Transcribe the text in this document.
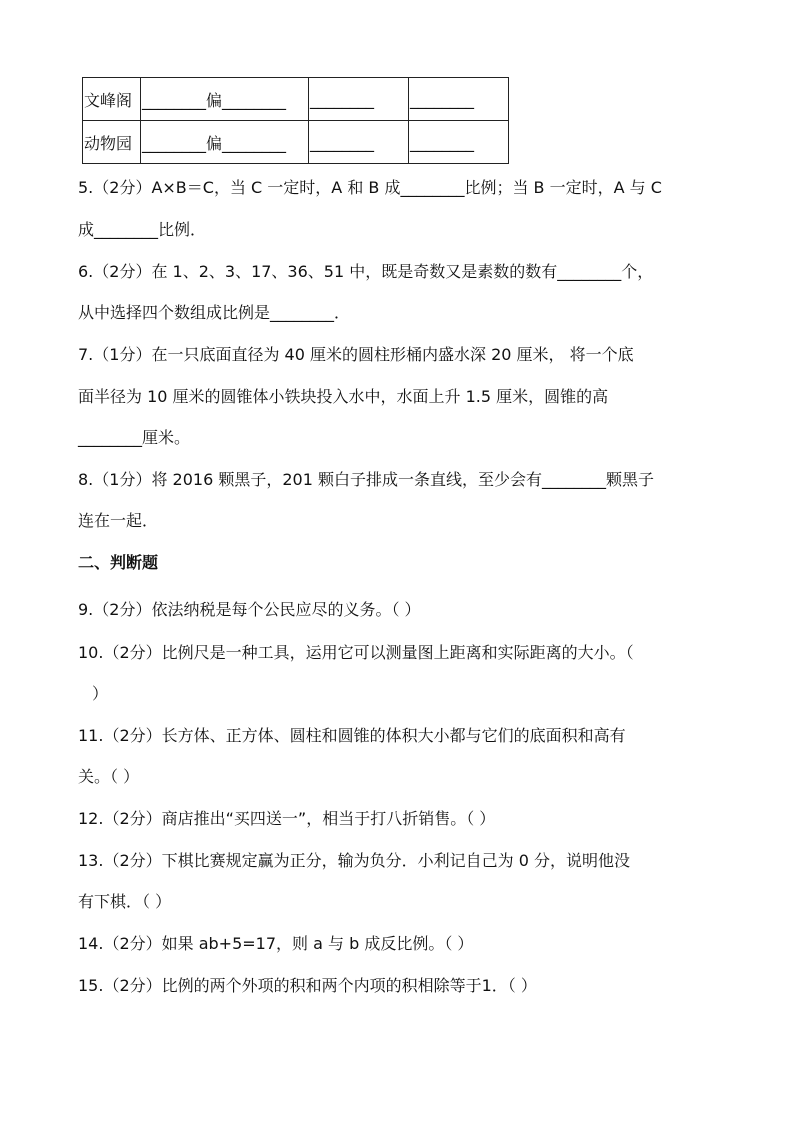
文峰阁	________偏________	________	________
动物园	________偏________	________	________
5.（2分）A×B＝C，当 C 一定时，A 和 B 成________比例；当 B 一定时，A 与 C
成________比例．
6.（2分）在 1、2、3、17、36、51 中，既是奇数又是素数的数有________个，
从中选择四个数组成比例是________．
7.（1分）在一只底面直径为 40 厘米的圆柱形桶内盛水深 20 厘米， 将一个底
面半径为 10 厘米的圆锥体小铁块投入水中，水面上升 1.5 厘米，圆锥的高
________厘米。
8.（1分）将 2016 颗黑子，201 颗白子排成一条直线，至少会有________颗黑子
连在一起．
二、判断题
9.（2分）依法纳税是每个公民应尽的义务。（ ）
10.（2分）比例尺是一种工具，运用它可以测量图上距离和实际距离的大小。（
）
11.（2分）长方体、正方体、圆柱和圆锥的体积大小都与它们的底面积和高有
关。（ ）
12.（2分）商店推出“买四送一”，相当于打八折销售。（ ）
13.（2分）下棋比赛规定赢为正分，输为负分．小利记自己为 0 分，说明他没
有下棋．（ ）
14.（2分）如果 ab+5=17，则 a 与 b 成反比例。（ ）
15.（2分）比例的两个外项的积和两个内项的积相除等于1．（ ）
